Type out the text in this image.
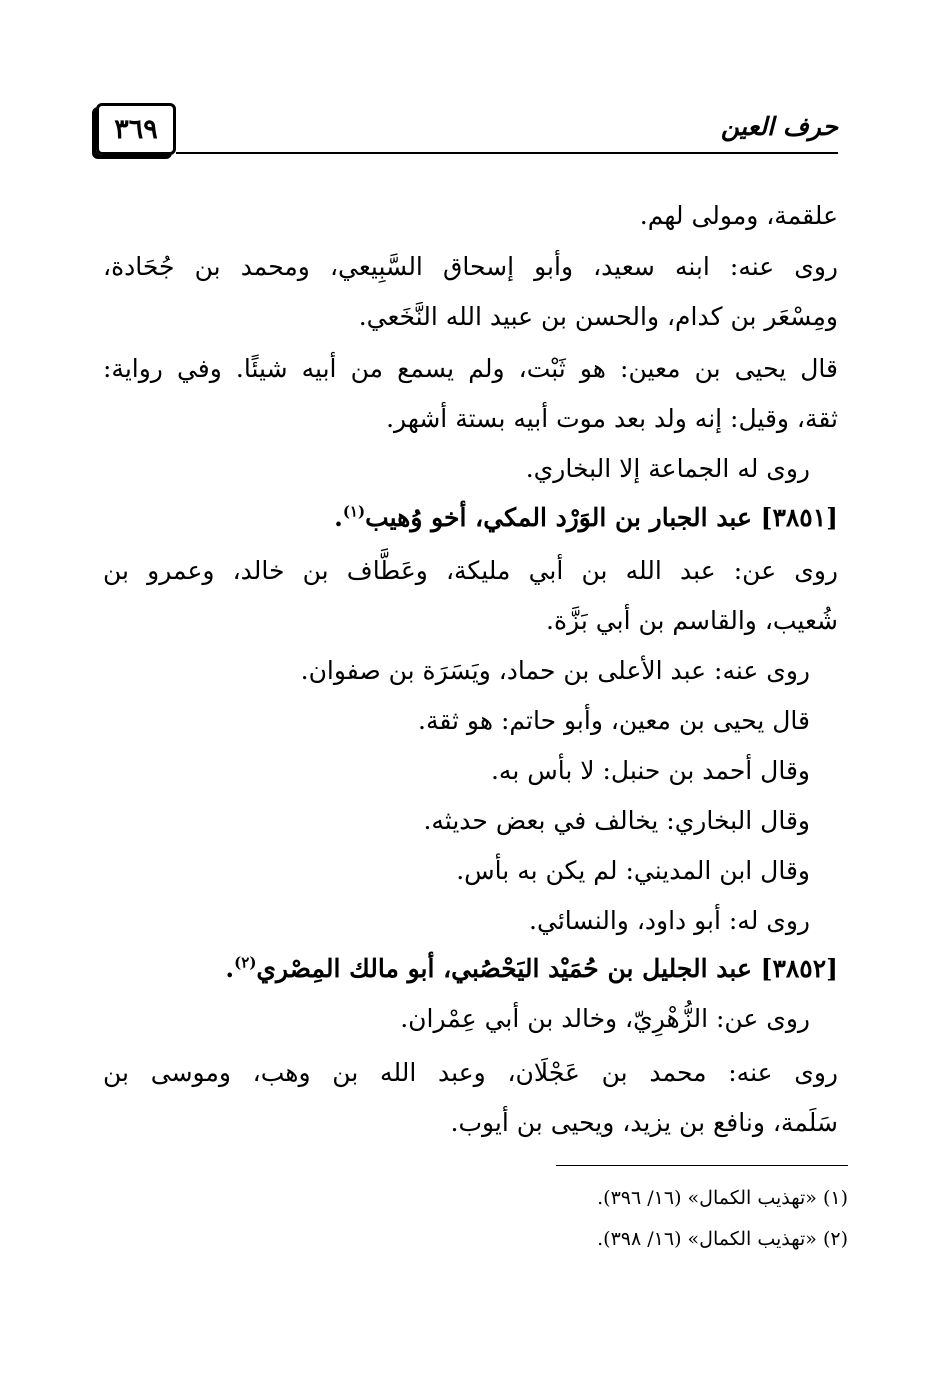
٣٦٩	حرف العين
علقمة، ومولى لهم.
روى عنه: ابنه سعيد، وأبو إسحاق السَّبِيعي، ومحمد بن جُحَادة،
ومِسْعَر بن كدام، والحسن بن عبيد الله النَّخَعي.
قال يحيى بن معين: هو ثَبْت، ولم يسمع من أبيه شيئًا. وفي رواية:
ثقة، وقيل: إنه ولد بعد موت أبيه بستة أشهر.
روى له الجماعة إلا البخاري.
[٣٨٥١] عبد الجبار بن الوَرْد المكي، أخو وُهيب$^{(١)}$.
روى عن: عبد الله بن أبي مليكة، وعَطَّاف بن خالد، وعمرو بن
شُعيب، والقاسم بن أبي بَزَّة.
روى عنه: عبد الأعلى بن حماد، ويَسَرَة بن صفوان.
قال يحيى بن معين، وأبو حاتم: هو ثقة.
وقال أحمد بن حنبل: لا بأس به.
وقال البخاري: يخالف في بعض حديثه.
وقال ابن المديني: لم يكن به بأس.
روى له: أبو داود، والنسائي.
[٣٨٥٢] عبد الجليل بن حُمَيْد اليَحْصُبي، أبو مالك المِصْري$^{(٢)}$.
روى عن: الزُّهْرِيّ، وخالد بن أبي عِمْران.
روى عنه: محمد بن عَجْلَان، وعبد الله بن وهب، وموسى بن
سَلَمة، ونافع بن يزيد، ويحيى بن أيوب.
(١) «تهذيب الكمال» (١٦/ ٣٩٦).
(٢) «تهذيب الكمال» (١٦/ ٣٩٨).
